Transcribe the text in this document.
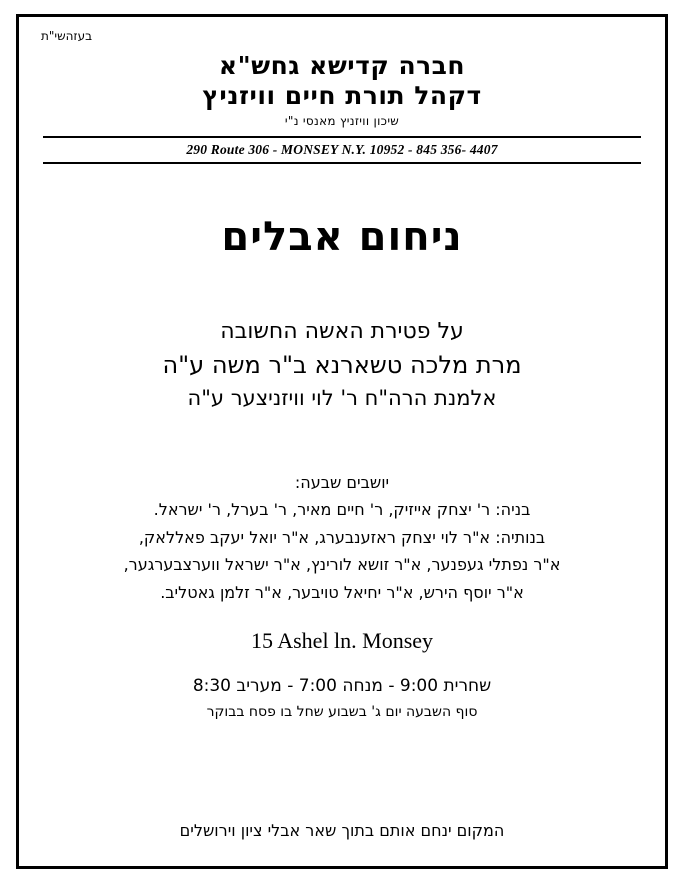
בעזהשי"ת
חברה קדישא גחש"א
דקהל תורת חיים וויזניץ
שיכון וויזניץ מאנסי נ"י
290 Route 306 - MONSEY N.Y. 10952 - 845 356- 4407
ניחום אבלים
על פטירת האשה החשובה
מרת מלכה טשארנא ב"ר משה ע"ה
אלמנת הרה"ח ר' לוי וויזניצער ע"ה
יושבים שבעה:
בניה: ר' יצחק אייזיק, ר' חיים מאיר, ר' בערל, ר' ישראל.
בנותיה: א"ר לוי יצחק ראזענבערג, א"ר יואל יעקב פאללאק,
א"ר נפתלי געפנער, א"ר זושא לורינץ, א"ר ישראל ווערצבערגער,
א"ר יוסף הירש, א"ר יחיאל טויבער, א"ר זלמן גאטליב.
15 Ashel ln. Monsey
שחרית 9:00 - מנחה 7:00 - מעריב 8:30
סוף השבעה יום ג' בשבוע שחל בו פסח בבוקר
המקום ינחם אותם בתוך שאר אבלי ציון וירושלים
